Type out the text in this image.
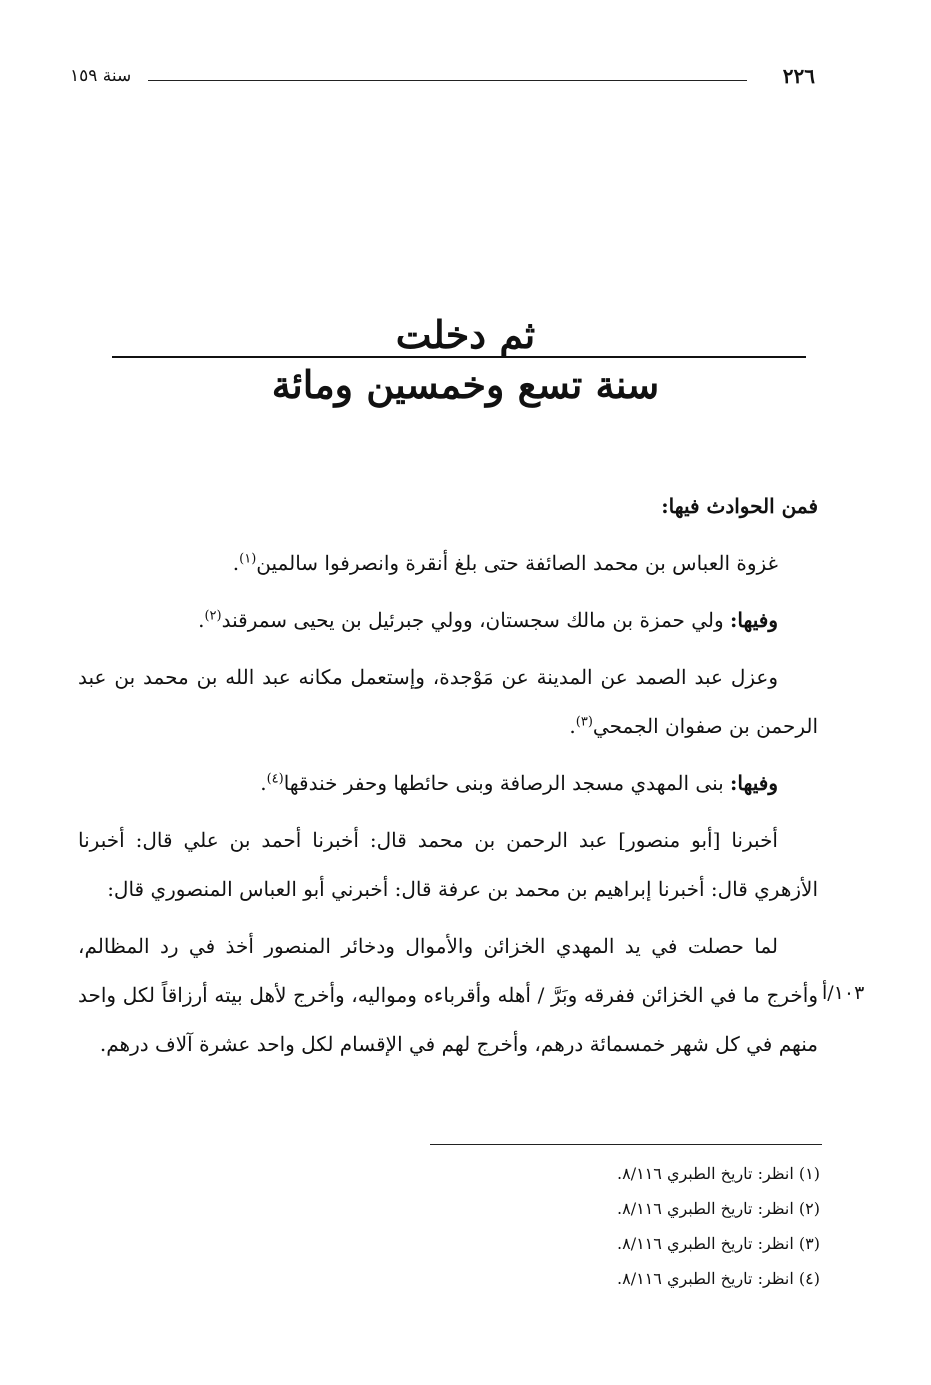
٢٢٦
سنة ١٥٩
ثم دخلت
سنة تسع وخمسين ومائة

فمن الحوادث فيها:

غزوة العباس بن محمد الصائفة حتى بلغ أنقرة وانصرفوا سالمين$^{(١)}$.

وفيها: ولي حمزة بن مالك سجستان، وولي جبرئيل بن يحيى سمرقند$^{(٢)}$.

وعزل عبد الصمد عن المدينة عن مَوْجدة، وإستعمل مكانه عبد الله بن محمد بن عبد الرحمن بن صفوان الجمحي$^{(٣)}$.

وفيها: بنى المهدي مسجد الرصافة وبنى حائطها وحفر خندقها$^{(٤)}$.

أخبرنا [أبو منصور] عبد الرحمن بن محمد قال: أخبرنا أحمد بن علي قال: أخبرنا الأزهري قال: أخبرنا إبراهيم بن محمد بن عرفة قال: أخبرني أبو العباس المنصوري قال:

لما حصلت في يد المهدي الخزائن والأموال ودخائر المنصور أخذ في رد المظالم، وأخرج ما في الخزائن ففرقه وبَرَّ / أهله وأقرباءه ومواليه، وأخرج لأهل بيته أرزاقاً لكل واحد منهم في كل شهر خمسمائة درهم، وأخرج لهم في الإقسام لكل واحد عشرة آلاف درهم.

١٠٣/أ
(١) انظر: تاريخ الطبري ٨/١١٦.
(٢) انظر: تاريخ الطبري ٨/١١٦.
(٣) انظر: تاريخ الطبري ٨/١١٦.
(٤) انظر: تاريخ الطبري ٨/١١٦.
